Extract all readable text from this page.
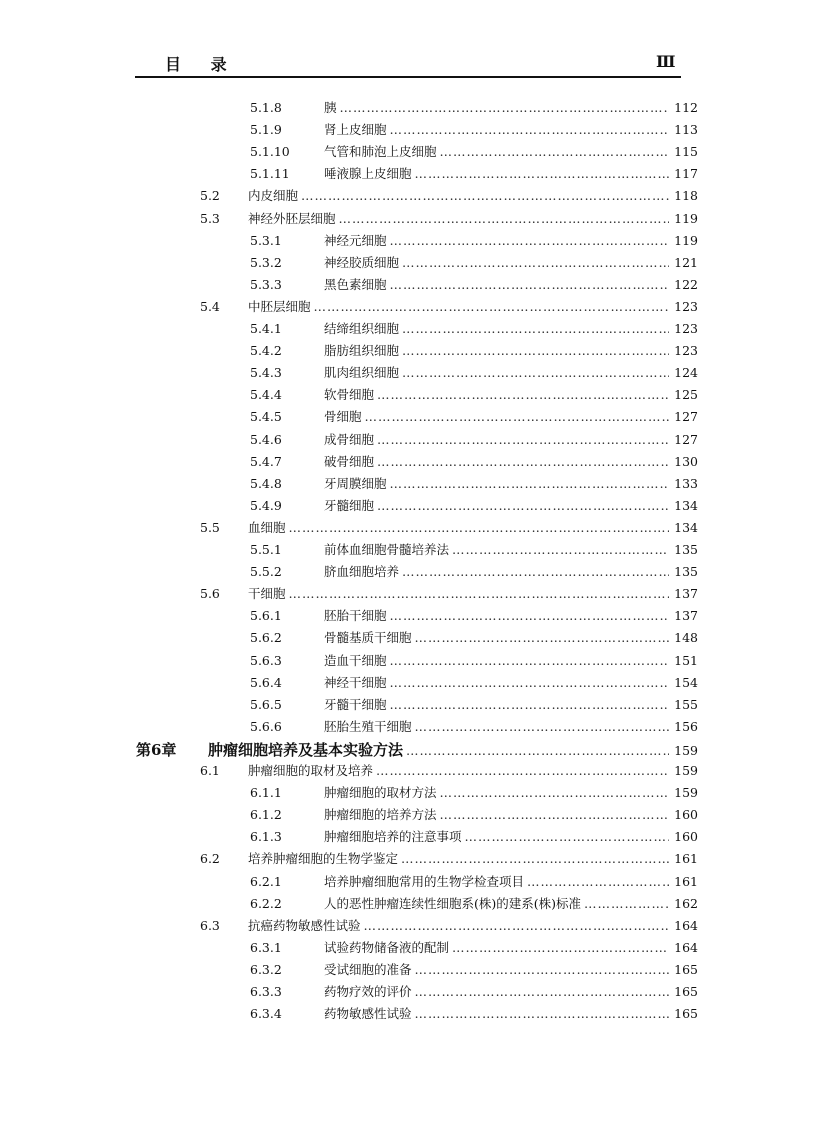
目 录	Ⅲ
5.1.8	胰 …………………………………………………………………………………………………………………………………………………	112
5.1.9	肾上皮细胞 …………………………………………………………………………………………………………………………………………………	113
5.1.10	气管和肺泡上皮细胞 …………………………………………………………………………………………………………………………………………………	115
5.1.11	唾液腺上皮细胞 …………………………………………………………………………………………………………………………………………………	117
5.2	内皮细胞 …………………………………………………………………………………………………………………………………………………	118
5.3	神经外胚层细胞 …………………………………………………………………………………………………………………………………………………	119
5.3.1	神经元细胞 …………………………………………………………………………………………………………………………………………………	119
5.3.2	神经胶质细胞 …………………………………………………………………………………………………………………………………………………	121
5.3.3	黑色素细胞 …………………………………………………………………………………………………………………………………………………	122
5.4	中胚层细胞 …………………………………………………………………………………………………………………………………………………	123
5.4.1	结缔组织细胞 …………………………………………………………………………………………………………………………………………………	123
5.4.2	脂肪组织细胞 …………………………………………………………………………………………………………………………………………………	123
5.4.3	肌肉组织细胞 …………………………………………………………………………………………………………………………………………………	124
5.4.4	软骨细胞 …………………………………………………………………………………………………………………………………………………	125
5.4.5	骨细胞 …………………………………………………………………………………………………………………………………………………	127
5.4.6	成骨细胞 …………………………………………………………………………………………………………………………………………………	127
5.4.7	破骨细胞 …………………………………………………………………………………………………………………………………………………	130
5.4.8	牙周膜细胞 …………………………………………………………………………………………………………………………………………………	133
5.4.9	牙髓细胞 …………………………………………………………………………………………………………………………………………………	134
5.5	血细胞 …………………………………………………………………………………………………………………………………………………	134
5.5.1	前体血细胞骨髓培养法 …………………………………………………………………………………………………………………………………………………	135
5.5.2	脐血细胞培养 …………………………………………………………………………………………………………………………………………………	135
5.6	干细胞 …………………………………………………………………………………………………………………………………………………	137
5.6.1	胚胎干细胞 …………………………………………………………………………………………………………………………………………………	137
5.6.2	骨髓基质干细胞 …………………………………………………………………………………………………………………………………………………	148
5.6.3	造血干细胞 …………………………………………………………………………………………………………………………………………………	151
5.6.4	神经干细胞 …………………………………………………………………………………………………………………………………………………	154
5.6.5	牙髓干细胞 …………………………………………………………………………………………………………………………………………………	155
5.6.6	胚胎生殖干细胞 …………………………………………………………………………………………………………………………………………………	156
第6章	肿瘤细胞培养及基本实验方法 …………………………………………………………………………………………………………………………………………………	159
6.1	肿瘤细胞的取材及培养 …………………………………………………………………………………………………………………………………………………	159
6.1.1	肿瘤细胞的取材方法 …………………………………………………………………………………………………………………………………………………	159
6.1.2	肿瘤细胞的培养方法 …………………………………………………………………………………………………………………………………………………	160
6.1.3	肿瘤细胞培养的注意事项 …………………………………………………………………………………………………………………………………………………	160
6.2	培养肿瘤细胞的生物学鉴定 …………………………………………………………………………………………………………………………………………………	161
6.2.1	培养肿瘤细胞常用的生物学检查项目 …………………………………………………………………………………………………………………………………………………	161
6.2.2	人的恶性肿瘤连续性细胞系(株)的建系(株)标准 …………………………………………………………………………………………………………………………………………………	162
6.3	抗癌药物敏感性试验 …………………………………………………………………………………………………………………………………………………	164
6.3.1	试验药物储备液的配制 …………………………………………………………………………………………………………………………………………………	164
6.3.2	受试细胞的准备 …………………………………………………………………………………………………………………………………………………	165
6.3.3	药物疗效的评价 …………………………………………………………………………………………………………………………………………………	165
6.3.4	药物敏感性试验 …………………………………………………………………………………………………………………………………………………	165
